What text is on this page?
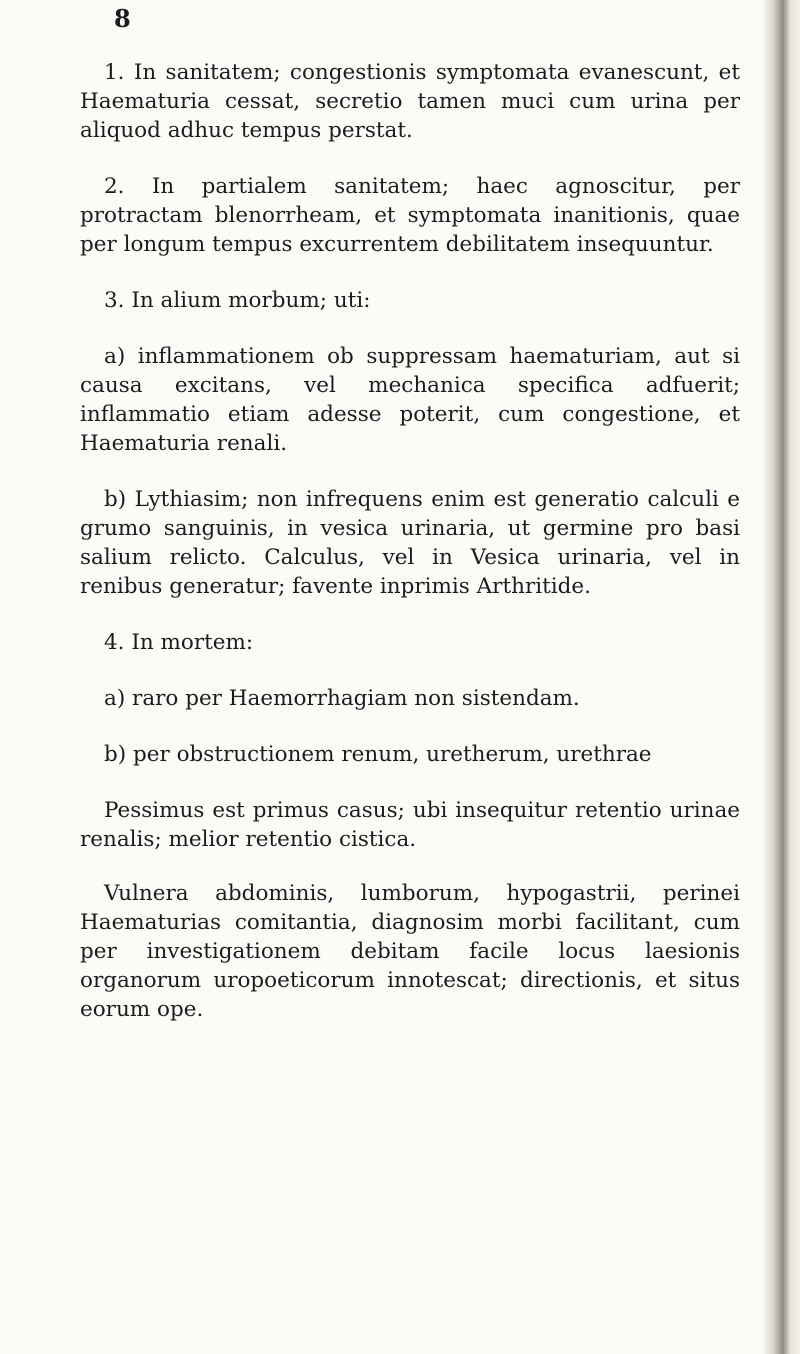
8

1. In sanitatem; congestionis symptomata evanescunt, et Haematuria cessat, secretio tamen muci cum urina per aliquod adhuc tempus perstat.

2. In partialem sanitatem; haec agnoscitur, per protractam blenorrheam, et symptomata inanitionis, quae per longum tempus excurrentem debilitatem insequuntur.

3. In alium morbum; uti:

a) inflammationem ob suppressam haematuriam, aut si causa excitans, vel mechanica specifica adfuerit; inflammatio etiam adesse poterit, cum congestione, et Haematuria renali.

b) Lythiasim; non infrequens enim est generatio calculi e grumo sanguinis, in vesica urinaria, ut germine pro basi salium relicto. Calculus, vel in Vesica urinaria, vel in renibus generatur; favente inprimis Arthritide.

4. In mortem:

a) raro per Haemorrhagiam non sistendam.

b) per obstructionem renum, uretherum, urethrae

Pessimus est primus casus; ubi insequitur retentio urinae renalis; melior retentio cistica.

Vulnera abdominis, lumborum, hypogastrii, perinei Haematurias comitantia, diagnosim morbi facilitant, cum per investigationem debitam facile locus laesionis organorum uropoeticorum innotescat; directionis, et situs eorum ope.
